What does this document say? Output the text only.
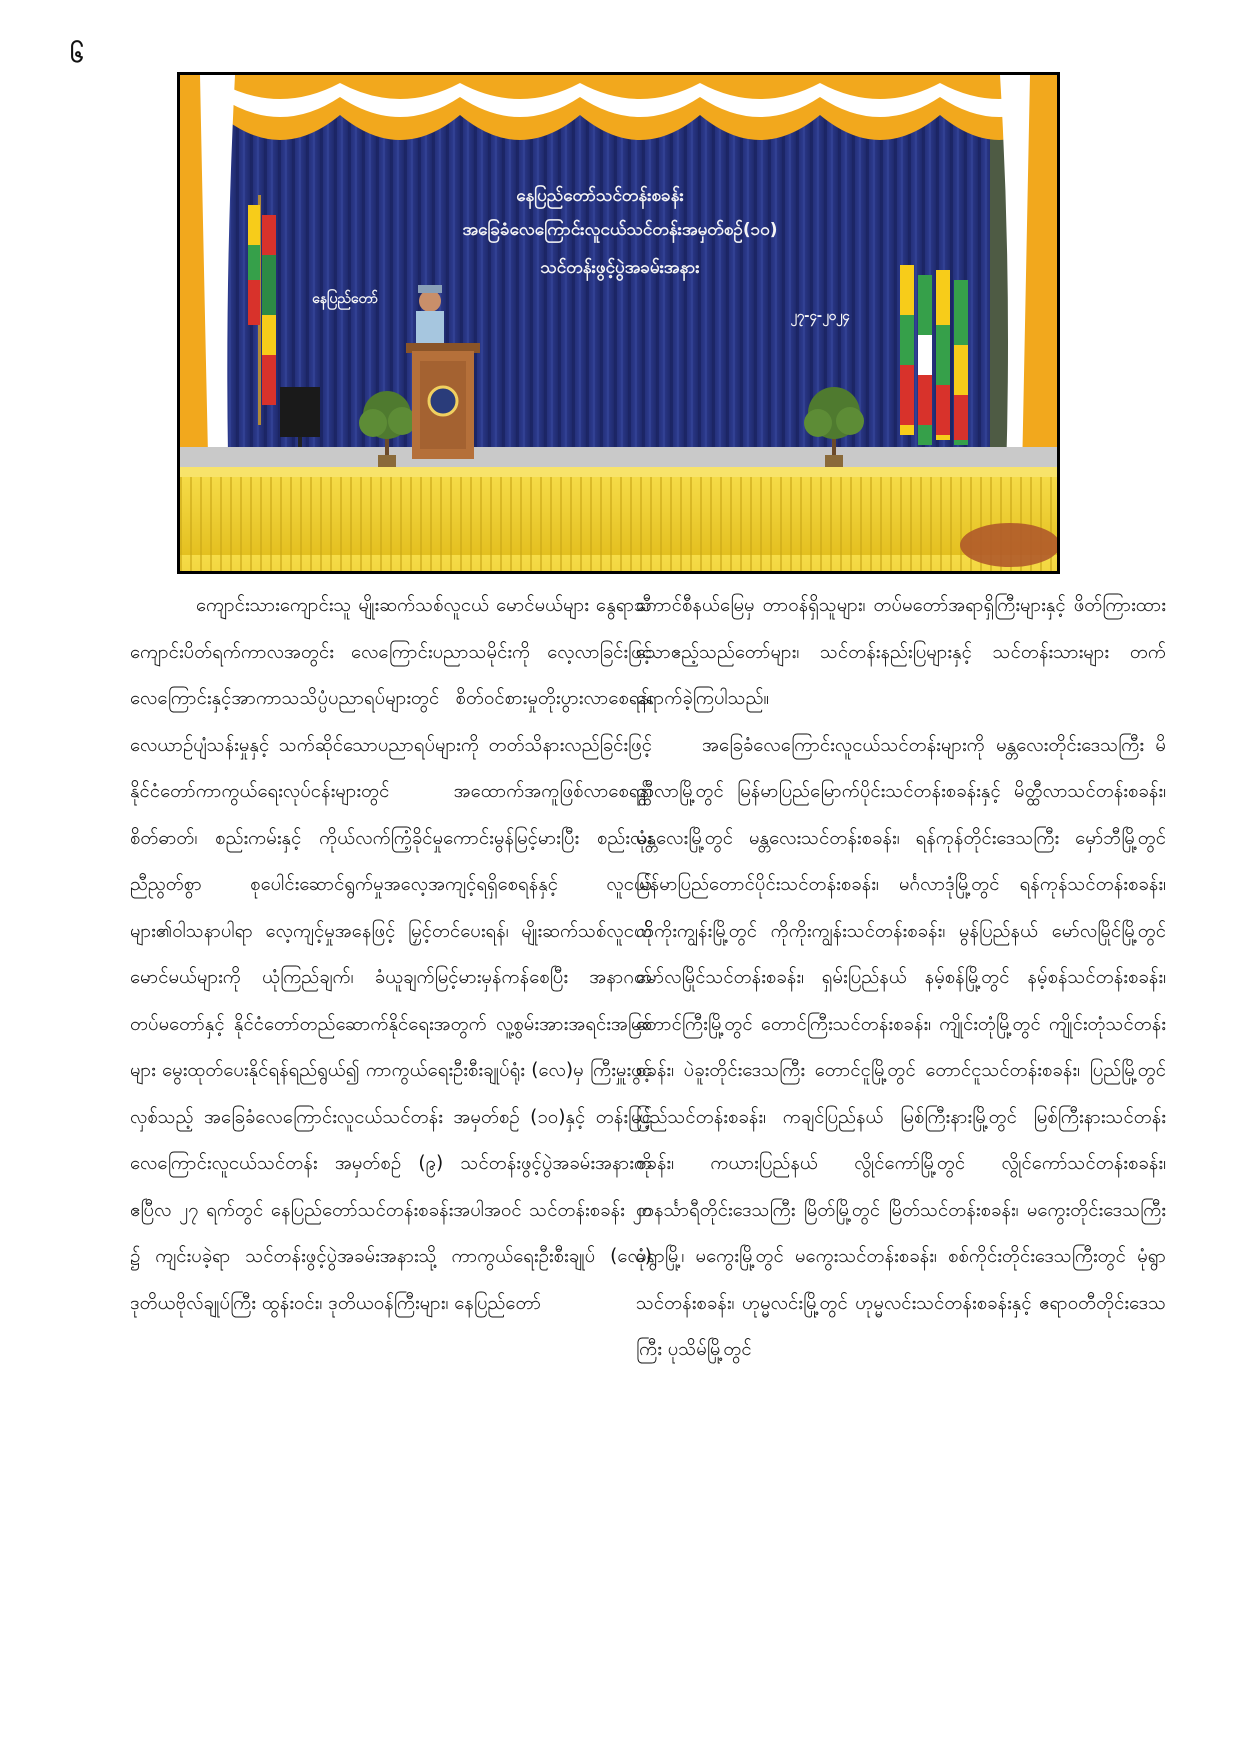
၆
နေပြည်တော်သင်တန်းစခန်း
အခြေခံလေကြောင်းလူငယ်သင်တန်းအမှတ်စဉ်(၁၀)
သင်တန်းဖွင့်ပွဲအခမ်းအနား
နေပြည်တော်
၂၇-၄-၂၀၂၄

ကျောင်းသားကျောင်းသူ မျိုးဆက်သစ်လူငယ် မောင်မယ်များ နွေရာသီကျောင်းပိတ်ရက်ကာလအတွင်း လေကြောင်းပညာသမိုင်းကို လေ့လာခြင်းဖြင့် လေကြောင်းနှင့်အာကာသသိပ္ပံပညာရပ်များတွင် စိတ်ဝင်စားမှုတိုးပွားလာစေရန်၊ လေယာဉ်ပျံသန်းမှုနှင့် သက်ဆိုင်သောပညာရပ်များကို တတ်သိနားလည်ခြင်းဖြင့် နိုင်ငံတော်ကာကွယ်ရေးလုပ်ငန်းများတွင် အထောက်အကူဖြစ်လာစေရန်၊ စိတ်ဓာတ်၊ စည်းကမ်းနှင့် ကိုယ်လက်ကြံ့ခိုင်မှုကောင်းမွန်မြင့်မားပြီး စည်းလုံးညီညွတ်စွာ စုပေါင်းဆောင်ရွက်မှုအလေ့အကျင့်ရရှိစေရန်နှင့် လူငယ်များ၏ဝါသနာပါရာ လေ့ကျင့်မှုအနေဖြင့် မြှင့်တင်ပေးရန်၊ မျိုးဆက်သစ်လူငယ်မောင်မယ်များကို ယုံကြည်ချက်၊ ခံယူချက်မြင့်မားမှန်ကန်စေပြီး အနာဂတ် တပ်မတော်နှင့် နိုင်ငံတော်တည်ဆောက်နိုင်ရေးအတွက် လူ့စွမ်းအားအရင်းအမြစ်များ မွေးထုတ်ပေးနိုင်ရန်ရည်ရွယ်၍ ကာကွယ်ရေးဦးစီးချုပ်ရုံး (လေ)မှ ကြီးမှူးဖွင့်လှစ်သည့် အခြေခံလေကြောင်းလူငယ်သင်တန်း အမှတ်စဉ် (၁၀)နှင့် တန်းမြင့်လေကြောင်းလူငယ်သင်တန်း အမှတ်စဉ် (၉) သင်တန်းဖွင့်ပွဲအခမ်းအနားကို ဧပြီလ ၂၇ ရက်တွင် နေပြည်တော်သင်တန်းစခန်းအပါအဝင် သင်တန်းစခန်း ၂၀ ၌ ကျင်းပခဲ့ရာ သင်တန်းဖွင့်ပွဲအခမ်းအနားသို့ ကာကွယ်ရေးဦးစီးချုပ် (လေ) ဒုတိယဗိုလ်ချုပ်ကြီး ထွန်းဝင်း၊ ဒုတိယဝန်ကြီးများ၊ နေပြည်တော်

ကောင်စီနယ်မြေမှ တာဝန်ရှိသူများ၊ တပ်မတော်အရာရှိကြီးများနှင့် ဖိတ်ကြားထားသောဧည့်သည်တော်များ၊ သင်တန်းနည်းပြများနှင့် သင်တန်းသားများ တက်ရောက်ခဲ့ကြပါသည်။

အခြေခံလေကြောင်းလူငယ်သင်တန်းများကို မန္တလေးတိုင်းဒေသကြီး မိတ္ထီလာမြို့တွင် မြန်မာပြည်မြောက်ပိုင်းသင်တန်းစခန်းနှင့် မိတ္ထီလာသင်တန်းစခန်း၊ မန္တလေးမြို့တွင် မန္တလေးသင်တန်းစခန်း၊ ရန်ကုန်တိုင်းဒေသကြီး မှော်ဘီမြို့တွင် မြန်မာပြည်တောင်ပိုင်းသင်တန်းစခန်း၊ မင်္ဂလာဒုံမြို့တွင် ရန်ကုန်သင်တန်းစခန်း၊ ကိုကိုးကျွန်းမြို့တွင် ကိုကိုးကျွန်းသင်တန်းစခန်း၊ မွန်ပြည်နယ် မော်လမြိုင်မြို့တွင် မော်လမြိုင်သင်တန်းစခန်း၊ ရှမ်းပြည်နယ် နမ့်စန်မြို့တွင် နမ့်စန်သင်တန်းစခန်း၊ တောင်ကြီးမြို့တွင် တောင်ကြီးသင်တန်းစခန်း၊ ကျိုင်းတုံမြို့တွင် ကျိုင်းတုံသင်တန်းစခန်း၊ ပဲခူးတိုင်းဒေသကြီး တောင်ငူမြို့တွင် တောင်ငူသင်တန်းစခန်း၊ ပြည်မြို့တွင် ပြည်သင်တန်းစခန်း၊ ကချင်ပြည်နယ် မြစ်ကြီးနားမြို့တွင် မြစ်ကြီးနားသင်တန်းစခန်း၊ ကယားပြည်နယ် လွိုင်ကော်မြို့တွင် လွိုင်ကော်သင်တန်းစခန်း၊ တနင်္သာရီတိုင်းဒေသကြီး မြိတ်မြို့တွင် မြိတ်သင်တန်းစခန်း၊ မကွေးတိုင်းဒေသကြီး မုံရွာမြို့၊ မကွေးမြို့တွင် မကွေးသင်တန်းစခန်း၊ စစ်ကိုင်းတိုင်းဒေသကြီးတွင် မုံရွာသင်တန်းစခန်း၊ ဟုမ္မလင်းမြို့တွင် ဟုမ္မလင်းသင်တန်းစခန်းနှင့် ဧရာဝတီတိုင်းဒေသကြီး ပုသိမ်မြို့တွင်
